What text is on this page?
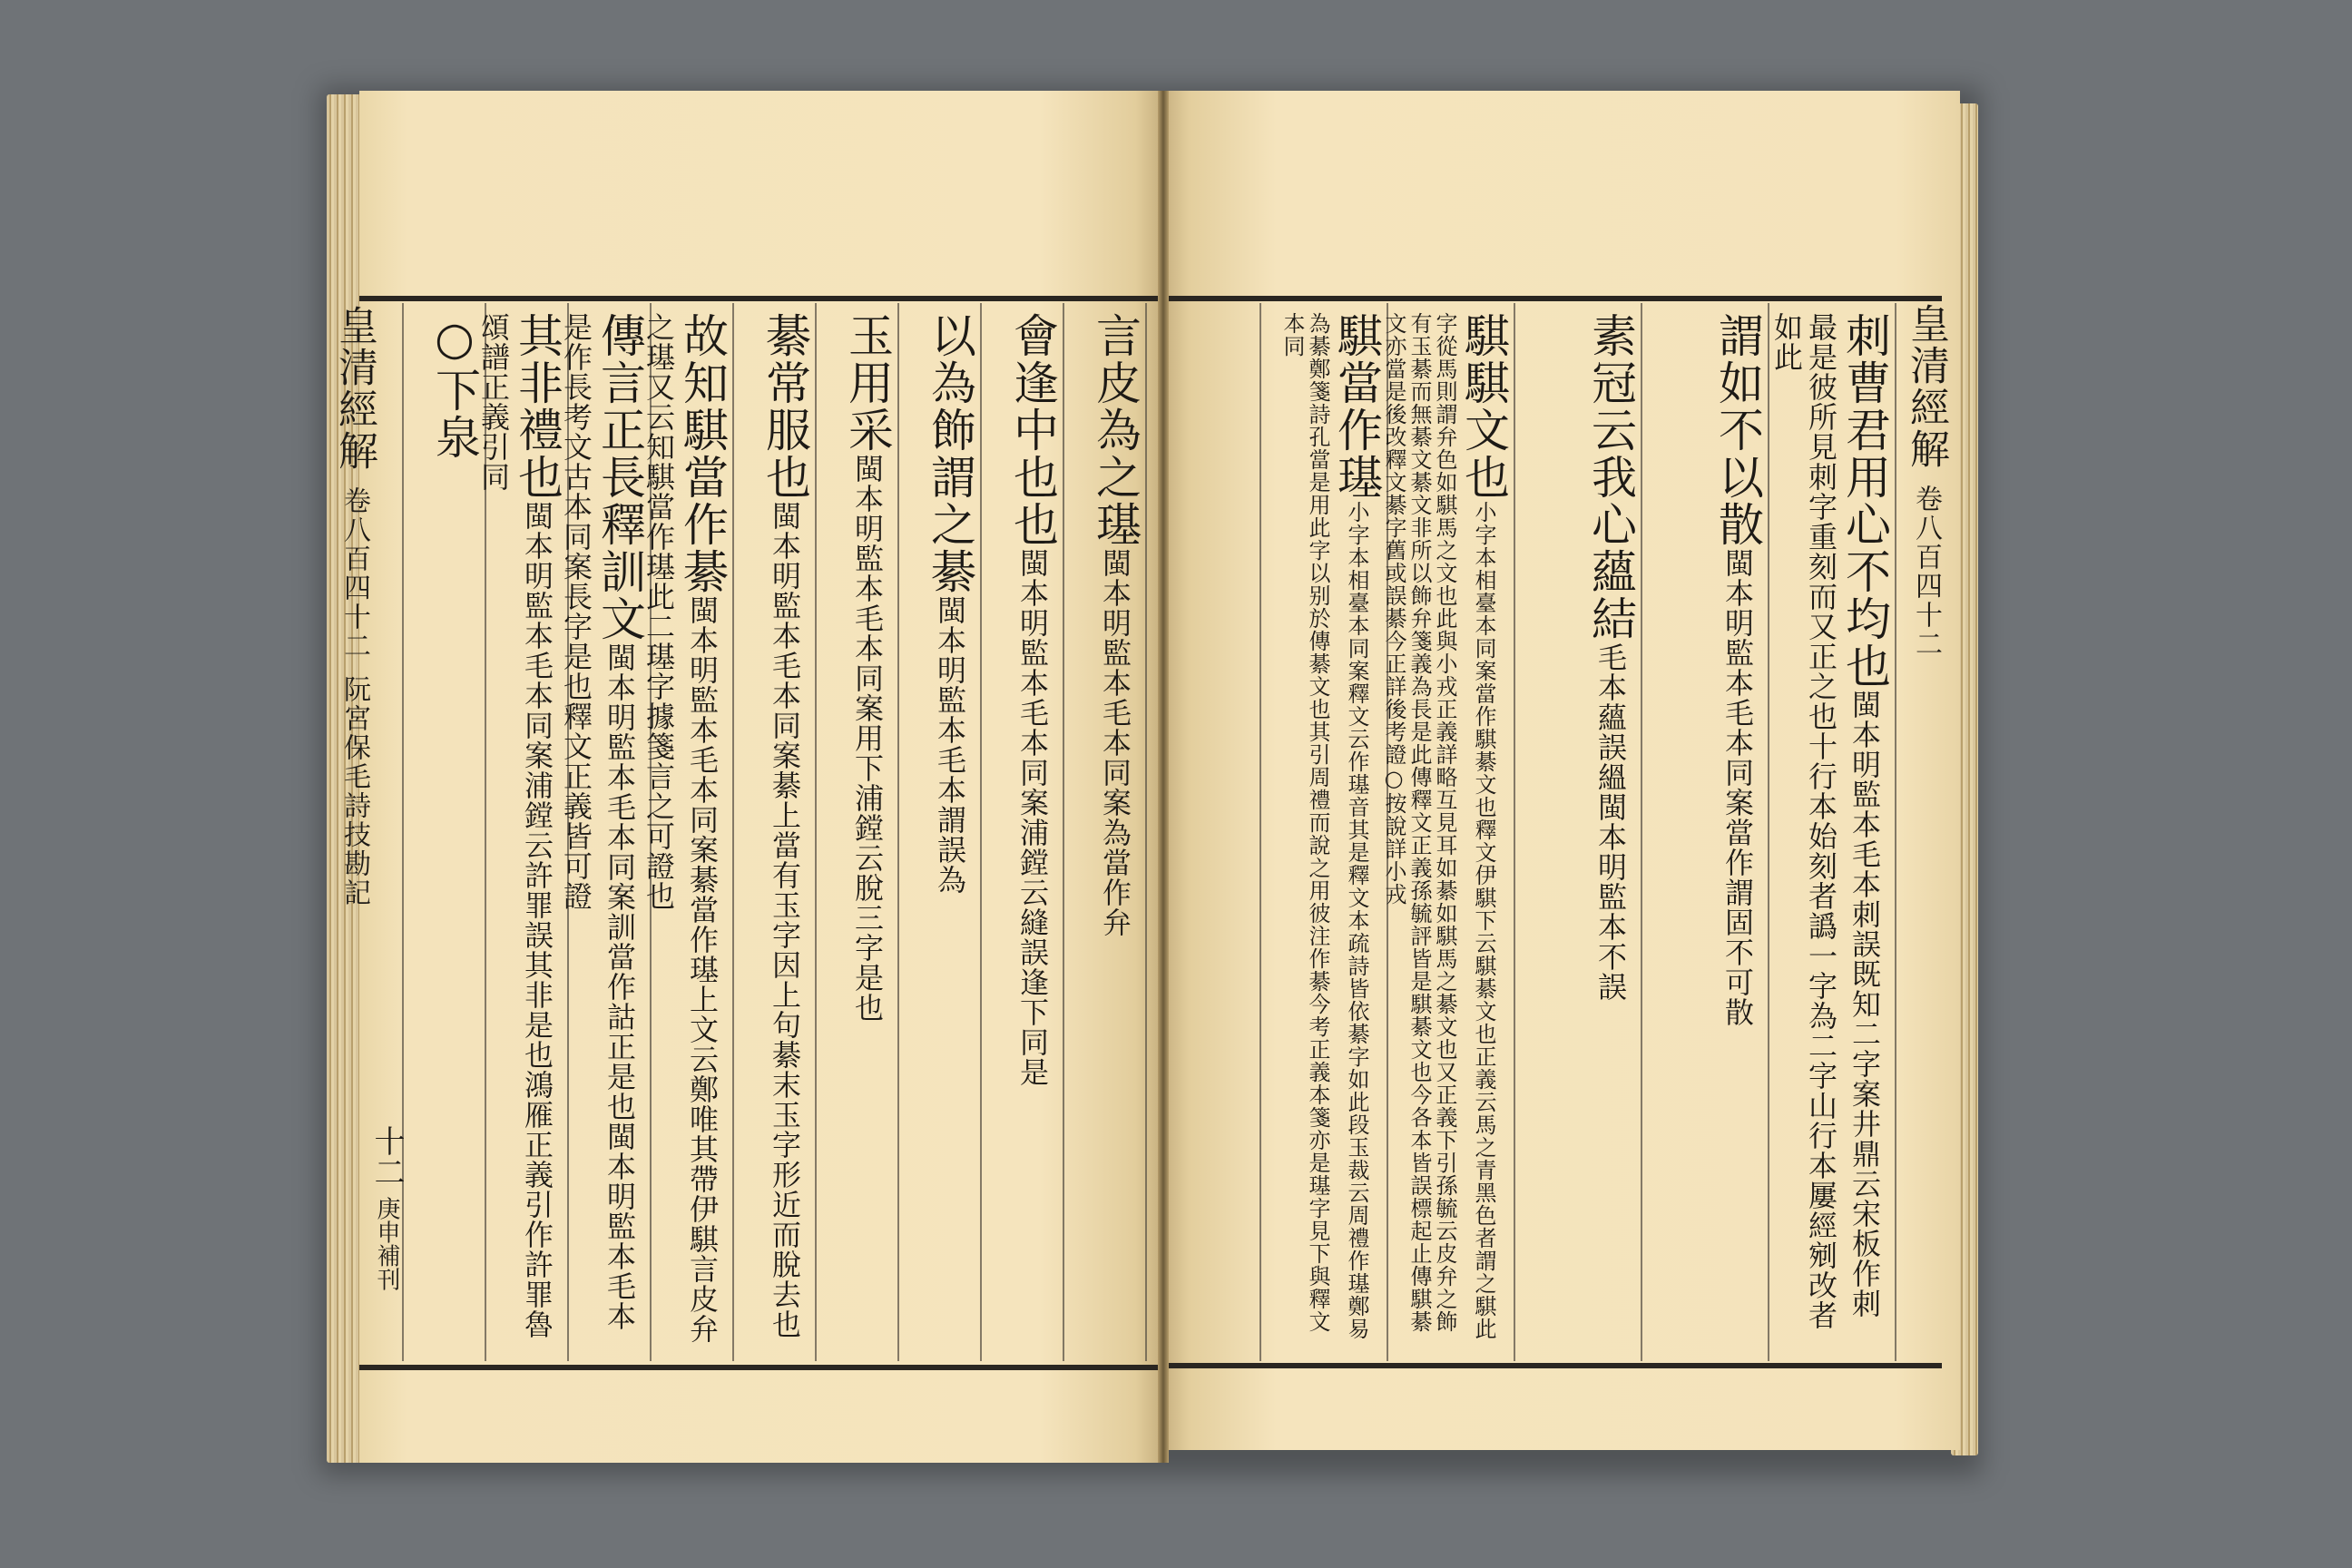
皇清經解 卷八百四十二 阮宮保毛詩技勘記
十二 庚申補刊
皇清經解 卷八百四十二
言皮為之璂閩本明監本毛本同案為當作弁
會逢中也也閩本明監本毛本同案浦鏜云縫誤逢下同是
以為飾謂之綦閩本明監本毛本謂誤為
玉用采閩本明監本毛本同案用下浦鏜云脫三字是也
綦常服也閩本明監本毛本同案綦上當有玉字因上句綦末玉字形近而脫去也
故知騏當作綦閩本明監本毛本同案綦當作璂上文云鄭唯其帶伊騏言皮弁之璂又云知騏當作璂此二璂字據箋言之可證也
傳言正長釋訓文閩本明監本毛本同案訓當作詁正是也閩本明監本毛本是作長考文古本同案長字是也釋文正義皆可證
其非禮也閩本明監本毛本同案浦鏜云許罪誤其非是也鴻雁正義引作許罪魯頌譜正義引同
○下泉	刺曹君用心不均也閩本明監本毛本刺誤既知二字案井鼎云宋板作刺最是彼所見刺字重刻而又正之也十行本始刻者譌一字為二字山行本屢經剜改者如此
謂如不以散閩本明監本毛本同案當作謂固不可散
素冠云我心蘊結毛本蘊誤縕閩本明監本不誤
騏騏文也小字本相臺本同案當作騏綦文也釋文伊騏下云騏綦文也正義云馬之青黑色者謂之騏此字從馬則謂弁色如騏馬之文也此與小戎正義詳略互見耳如綦如騏馬之綦文也又正義下引孫毓云皮弁之飾有玉綦而無綦文綦文非所以飾弁箋義為長是此傳釋文正義孫毓評皆是騏綦文也今各本皆誤標起止傳騏綦文亦當是後改釋文綦字舊或誤綦今正詳後考證○按說詳小戎
騏當作璂小字本相臺本同案釋文云作璂音其是釋文本疏詩皆依綦字如此段玉裁云周禮作璂鄭易為綦鄭箋詩孔當是用此字以别於傳綦文也其引周禮而說之用彼注作綦今考正義本箋亦是璂字見下與釋文本同
